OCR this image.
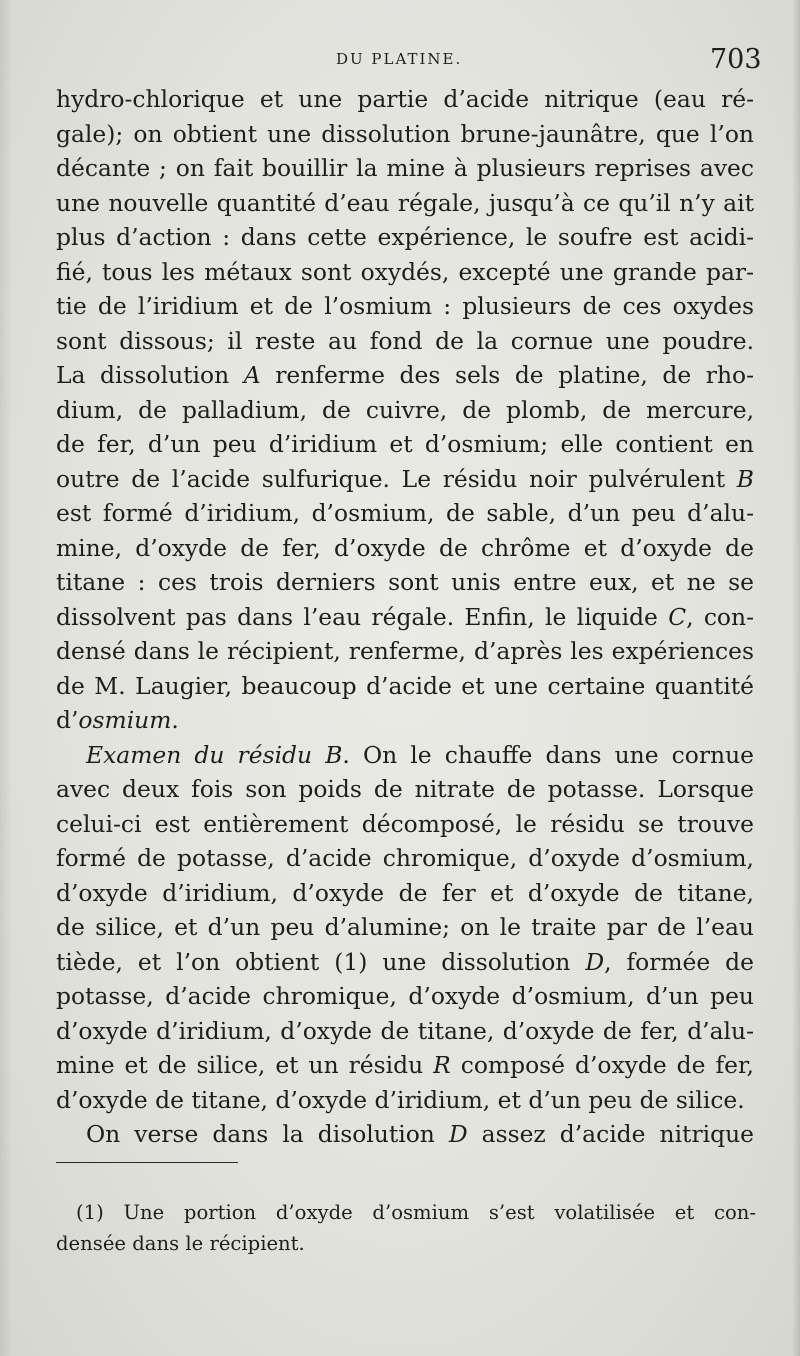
DU PLATINE.	703
hydro-chlorique et une partie d’acide nitrique (eau ré-
gale); on obtient une dissolution brune-jaunâtre, que l’on
décante ; on fait bouillir la mine à plusieurs reprises avec
une nouvelle quantité d’eau régale, jusqu’à ce qu’il n’y ait
plus d’action : dans cette expérience, le soufre est acidi-
fié, tous les métaux sont oxydés, excepté une grande par-
tie de l’iridium et de l’osmium : plusieurs de ces oxydes
sont dissous; il reste au fond de la cornue une poudre.
La dissolution A renferme des sels de platine, de rho-
dium, de palladium, de cuivre, de plomb, de mercure,
de fer, d’un peu d’iridium et d’osmium; elle contient en
outre de l’acide sulfurique. Le résidu noir pulvérulent B
est formé d’iridium, d’osmium, de sable, d’un peu d’alu-
mine, d’oxyde de fer, d’oxyde de chrôme et d’oxyde de
titane : ces trois derniers sont unis entre eux, et ne se
dissolvent pas dans l’eau régale. Enfin, le liquide C, con-
densé dans le récipient, renferme, d’après les expériences
de M. Laugier, beaucoup d’acide et une certaine quantité
d’osmium.
Examen du résidu B. On le chauffe dans une cornue
avec deux fois son poids de nitrate de potasse. Lorsque
celui-ci est entièrement décomposé, le résidu se trouve
formé de potasse, d’acide chromique, d’oxyde d’osmium,
d’oxyde d’iridium, d’oxyde de fer et d’oxyde de titane,
de silice, et d’un peu d’alumine; on le traite par de l’eau
tiède, et l’on obtient (1) une dissolution D, formée de
potasse, d’acide chromique, d’oxyde d’osmium, d’un peu
d’oxyde d’iridium, d’oxyde de titane, d’oxyde de fer, d’alu-
mine et de silice, et un résidu R composé d’oxyde de fer,
d’oxyde de titane, d’oxyde d’iridium, et d’un peu de silice.
On verse dans la disolution D assez d’acide nitrique
(1) Une portion d’oxyde d’osmium s’est volatilisée et con-
densée dans le récipient.
